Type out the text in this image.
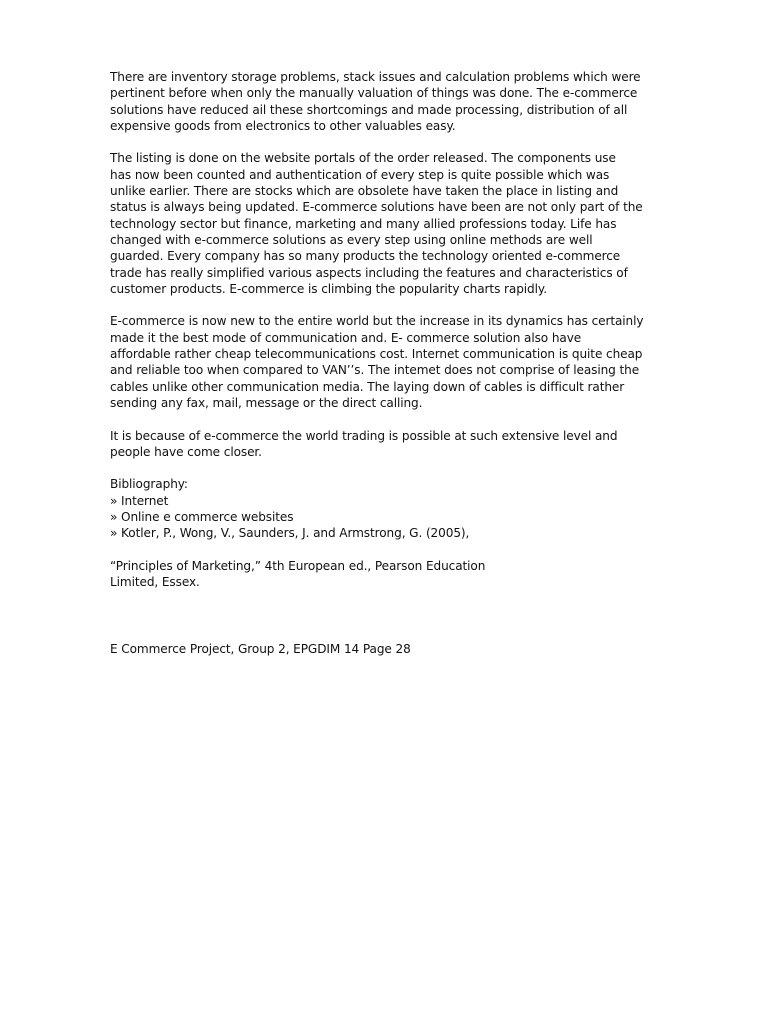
There are inventory storage problems, stack issues and calculation problems which were
pertinent before when only the manually valuation of things was done. The e-commerce
solutions have reduced ail these shortcomings and made processing, distribution of all
expensive goods from electronics to other valuables easy.

The listing is done on the website portals of the order released. The components use
has now been counted and authentication of every step is quite possible which was
unlike earlier. There are stocks which are obsolete have taken the place in listing and
status is always being updated. E-commerce solutions have been are not only part of the
technology sector but finance, marketing and many allied professions today. Life has
changed with e-commerce solutions as every step using online methods are well
guarded. Every company has so many products the technology oriented e-commerce
trade has really simplified various aspects including the features and characteristics of
customer products. E-commerce is climbing the popularity charts rapidly.

E-commerce is now new to the entire world but the increase in its dynamics has certainly
made it the best mode of communication and. E- commerce solution also have
affordable rather cheap telecommunications cost. Internet communication is quite cheap
and reliable too when compared to VAN’’s. The intemet does not comprise of leasing the
cables unlike other communication media. The laying down of cables is difficult rather
sending any fax, mail, message or the direct calling.

It is because of e-commerce the world trading is possible at such extensive level and
people have come closer.

Bibliography:
» Internet
» Online e commerce websites
» Kotler, P., Wong, V., Saunders, J. and Armstrong, G. (2005),

“Principles of Marketing,” 4th European ed., Pearson Education
Limited, Essex.

E Commerce Project, Group 2, EPGDIM 14 Page 28
